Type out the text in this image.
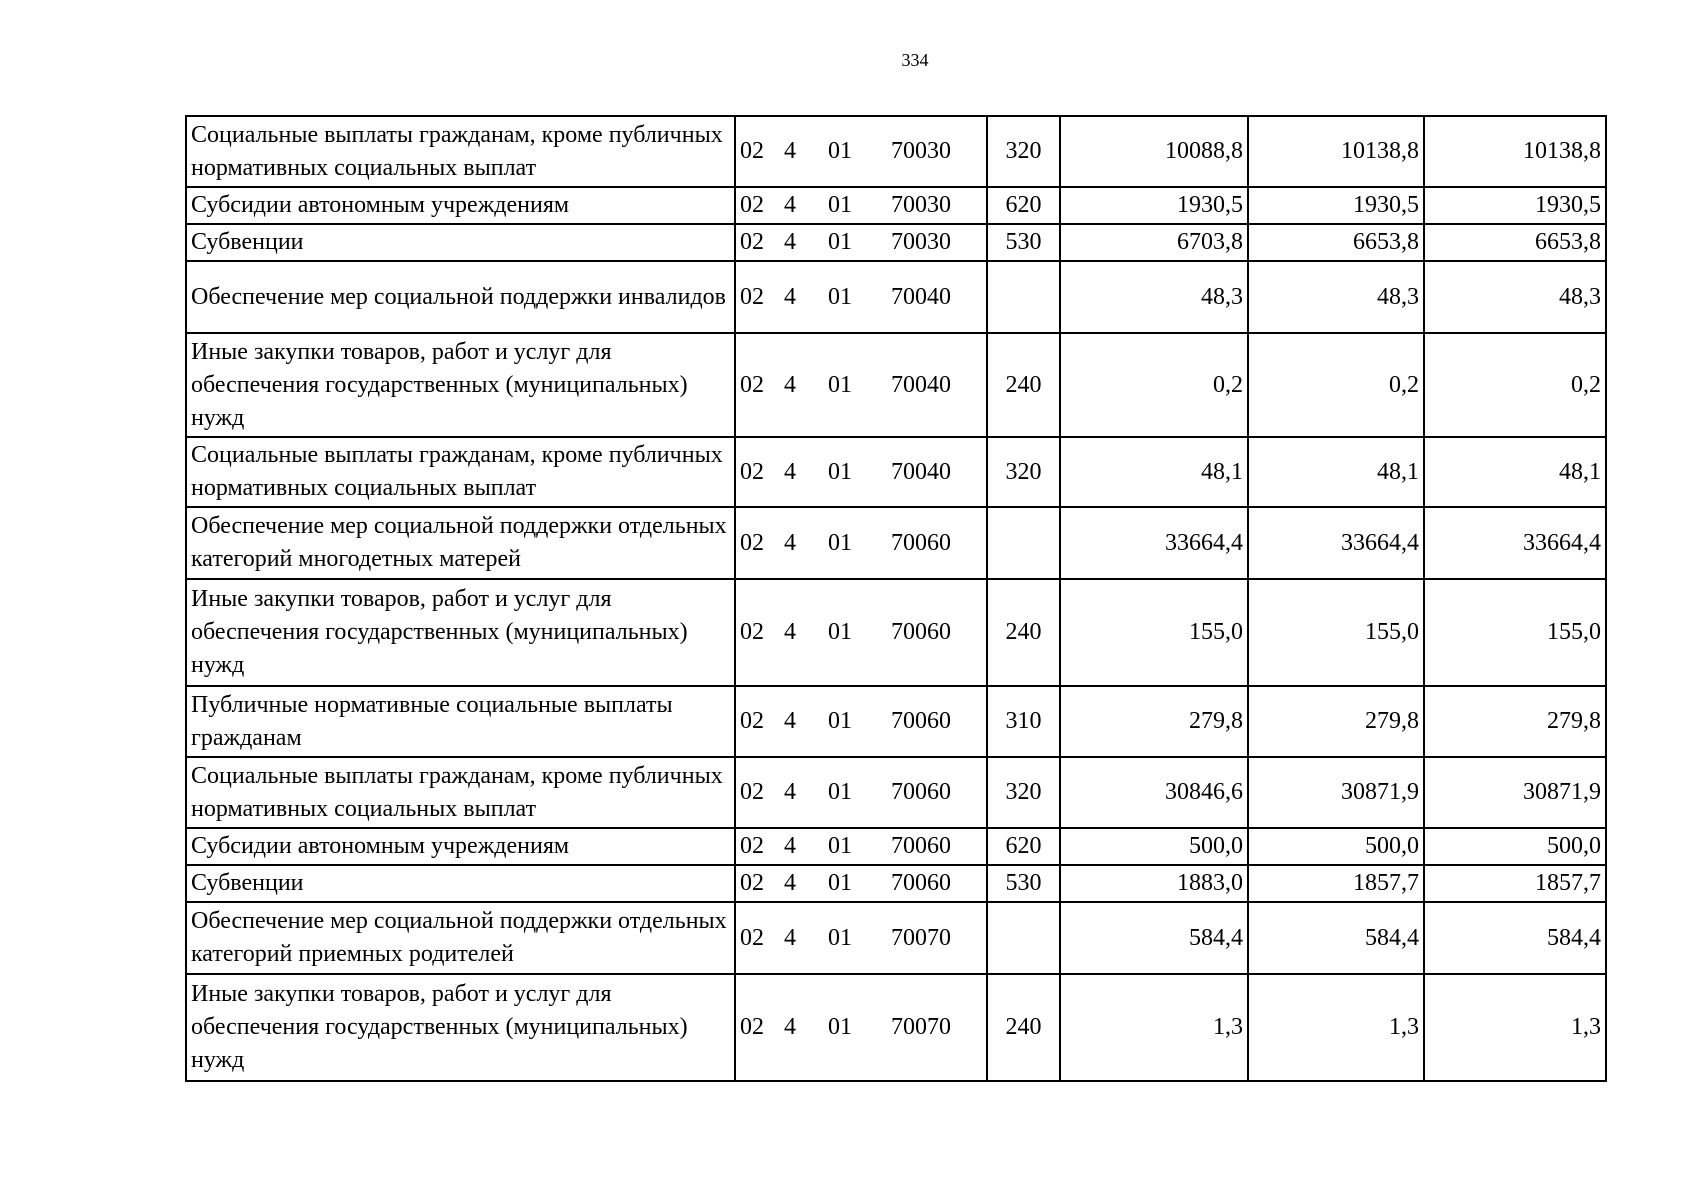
334
Социальные выплаты гражданам, кроме публичных нормативных социальных выплат	02 4 01 70030	320	10088,8	10138,8	10138,8
Субсидии автономным учреждениям	02 4 01 70030	620	1930,5	1930,5	1930,5
Субвенции	02 4 01 70030	530	6703,8	6653,8	6653,8
Обеспечение мер социальной поддержки инвалидов	02 4 01 70040		48,3	48,3	48,3
Иные закупки товаров, работ и услуг для обеспечения государственных (муниципальных) нужд	02 4 01 70040	240	0,2	0,2	0,2
Социальные выплаты гражданам, кроме публичных нормативных социальных выплат	02 4 01 70040	320	48,1	48,1	48,1
Обеспечение мер социальной поддержки отдельных категорий многодетных матерей	02 4 01 70060		33664,4	33664,4	33664,4
Иные закупки товаров, работ и услуг для обеспечения государственных (муниципальных) нужд	02 4 01 70060	240	155,0	155,0	155,0
Публичные нормативные социальные выплаты гражданам	02 4 01 70060	310	279,8	279,8	279,8
Социальные выплаты гражданам, кроме публичных нормативных социальных выплат	02 4 01 70060	320	30846,6	30871,9	30871,9
Субсидии автономным учреждениям	02 4 01 70060	620	500,0	500,0	500,0
Субвенции	02 4 01 70060	530	1883,0	1857,7	1857,7
Обеспечение мер социальной поддержки отдельных категорий приемных родителей	02 4 01 70070		584,4	584,4	584,4
Иные закупки товаров, работ и услуг для обеспечения государственных (муниципальных) нужд	02 4 01 70070	240	1,3	1,3	1,3
